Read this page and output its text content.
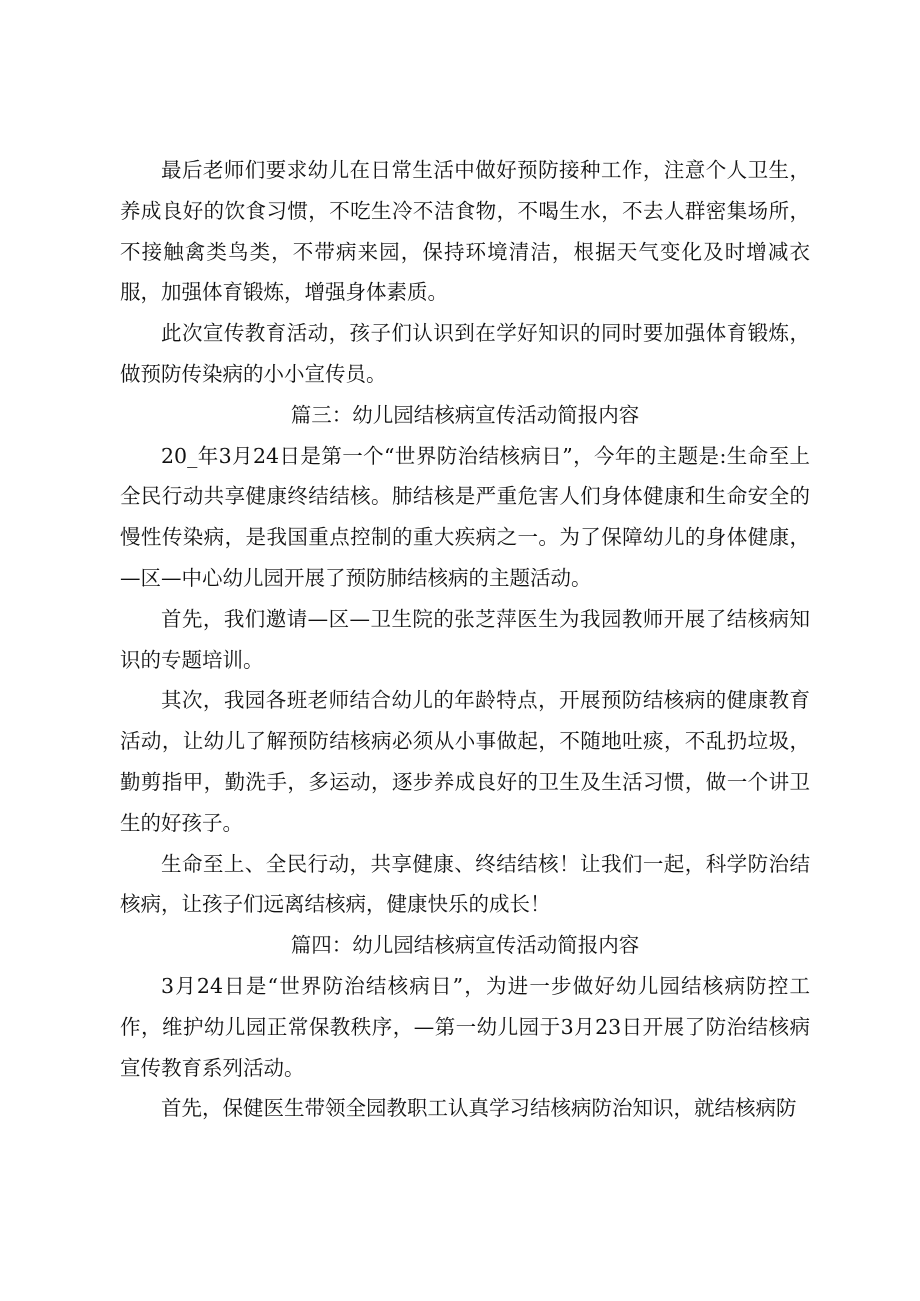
最后老师们要求幼儿在日常生活中做好预防接种工作，注意个人卫生，养成良好的饮食习惯，不吃生冷不洁食物，不喝生水，不去人群密集场所，不接触禽类鸟类，不带病来园，保持环境清洁，根据天气变化及时增减衣服，加强体育锻炼，增强身体素质。

此次宣传教育活动，孩子们认识到在学好知识的同时要加强体育锻炼，做预防传染病的小小宣传员。

篇三：幼儿园结核病宣传活动简报内容

20_年3月24日是第一个“世界防治结核病日”，今年的主题是:生命至上全民行动共享健康终结结核。肺结核是严重危害人们身体健康和生命安全的慢性传染病，是我国重点控制的重大疾病之一。为了保障幼儿的身体健康，—区—中心幼儿园开展了预防肺结核病的主题活动。

首先，我们邀请—区—卫生院的张芝萍医生为我园教师开展了结核病知识的专题培训。

其次，我园各班老师结合幼儿的年龄特点，开展预防结核病的健康教育活动，让幼儿了解预防结核病必须从小事做起，不随地吐痰，不乱扔垃圾，勤剪指甲，勤洗手，多运动，逐步养成良好的卫生及生活习惯，做一个讲卫生的好孩子。

生命至上、全民行动，共享健康、终结结核！让我们一起，科学防治结核病，让孩子们远离结核病，健康快乐的成长！

篇四：幼儿园结核病宣传活动简报内容

3月24日是“世界防治结核病日”，为进一步做好幼儿园结核病防控工作，维护幼儿园正常保教秩序，—第一幼儿园于3月23日开展了防治结核病宣传教育系列活动。

首先，保健医生带领全园教职工认真学习结核病防治知识，就结核病防
